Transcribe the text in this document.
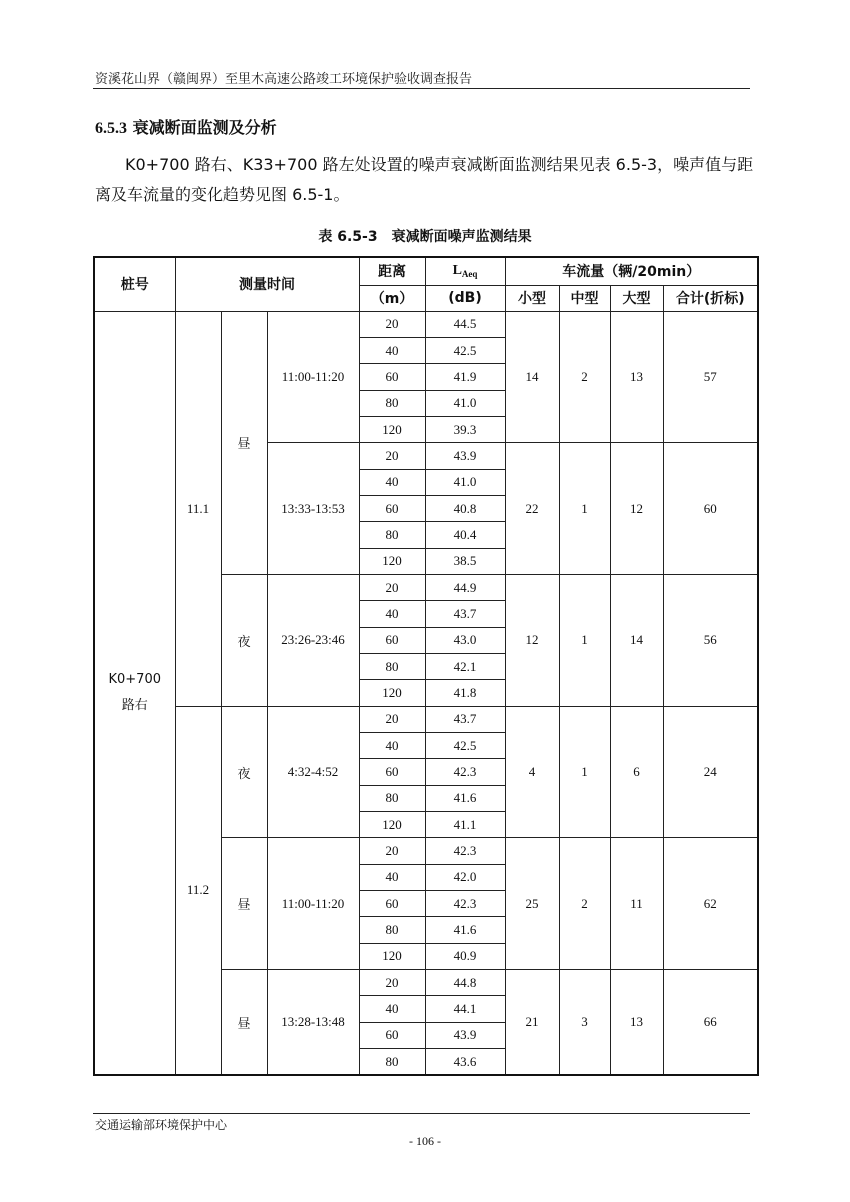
资溪花山界（赣闽界）至里木高速公路竣工环境保护验收调查报告
6.5.3 衰减断面监测及分析
K0+700 路右、K33+700 路左处设置的噪声衰减断面监测结果见表 6.5-3，噪声值与距离及车流量的变化趋势见图 6.5-1。
表 6.5-3　衰减断面噪声监测结果
桩号	测量时间			距离	$L_{Aeq}$	车流量（辆/20min）			
				（m）	(dB)	小型	中型	大型	合计(折标)
K0+700
路右	11.1	昼	11:00-11:20	20	44.5	14	2	13	57
				40	42.5				
				60	41.9				
				80	41.0				
				120	39.3				
			13:33-13:53	20	43.9	22	1	12	60
				40	41.0				
				60	40.8				
				80	40.4				
				120	38.5				
		夜	23:26-23:46	20	44.9	12	1	14	56
				40	43.7				
				60	43.0				
				80	42.1				
				120	41.8				
	11.2	夜	4:32-4:52	20	43.7	4	1	6	24
				40	42.5				
				60	42.3				
				80	41.6				
				120	41.1				
		昼	11:00-11:20	20	42.3	25	2	11	62
				40	42.0				
				60	42.3				
				80	41.6				
				120	40.9				
		昼	13:28-13:48	20	44.8	21	3	13	66
				40	44.1				
				60	43.9				
				80	43.6				
交通运输部环境保护中心
- 106 -
